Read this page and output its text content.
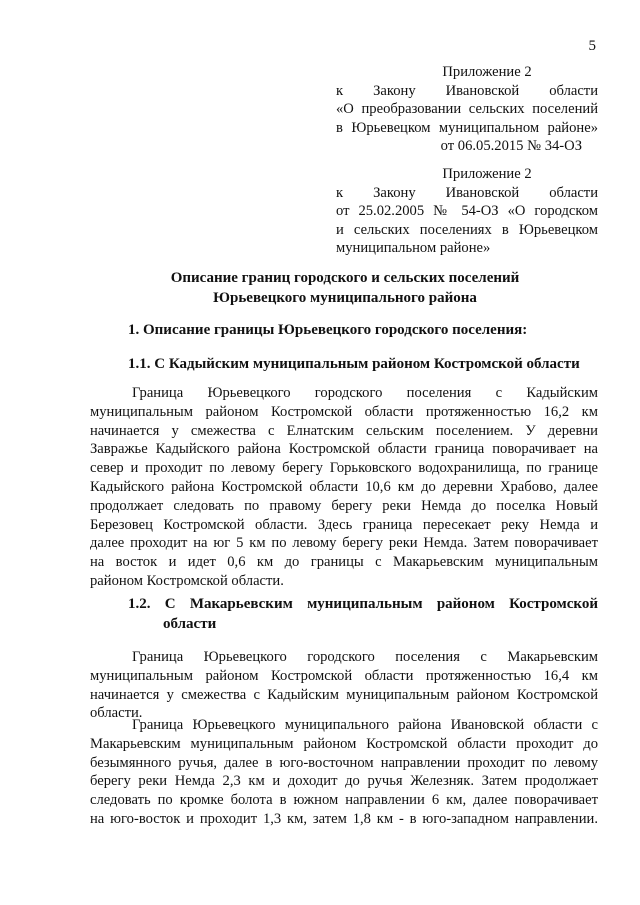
5
Приложение 2
к Закону Ивановской области
«О преобразовании сельских поселений
в Юрьевецком муниципальном районе»
от 06.05.2015 № 34-ОЗ
Приложение 2
к Закону Ивановской области
от 25.02.2005 № 54-ОЗ «О городском
и сельских поселениях в Юрьевецком
муниципальном районе»
Описание границ городского и сельских поселений
Юрьевецкого муниципального района
1. Описание границы Юрьевецкого городского поселения:
1.1. С Кадыйским муниципальным районом Костромской области
Граница Юрьевецкого городского поселения с Кадыйским
муниципальным районом Костромской области протяженностью 16,2 км
начинается у смежества с Елнатским сельским поселением. У деревни
Завражье Кадыйского района Костромской области граница поворачивает на
север и проходит по левому берегу Горьковского водохранилища, по границе
Кадыйского района Костромской области 10,6 км до деревни Храбово, далее
продолжает следовать по правому берегу реки Немда до поселка Новый
Березовец Костромской области. Здесь граница пересекает реку Немда и
далее проходит на юг 5 км по левому берегу реки Немда. Затем поворачивает
на восток и идет 0,6 км до границы с Макарьевским муниципальным
районом Костромской области.
1.2. С Макарьевским муниципальным районом Костромской
области
Граница Юрьевецкого городского поселения с Макарьевским
муниципальным районом Костромской области протяженностью 16,4 км
начинается у смежества с Кадыйским муниципальным районом Костромской
области.
Граница Юрьевецкого муниципального района Ивановской области с
Макарьевским муниципальным районом Костромской области проходит до
безымянного ручья, далее в юго-восточном направлении проходит по левому
берегу реки Немда 2,3 км и доходит до ручья Железняк. Затем продолжает
следовать по кромке болота в южном направлении 6 км, далее поворачивает
на юго-восток и проходит 1,3 км, затем 1,8 км - в юго-западном направлении.
